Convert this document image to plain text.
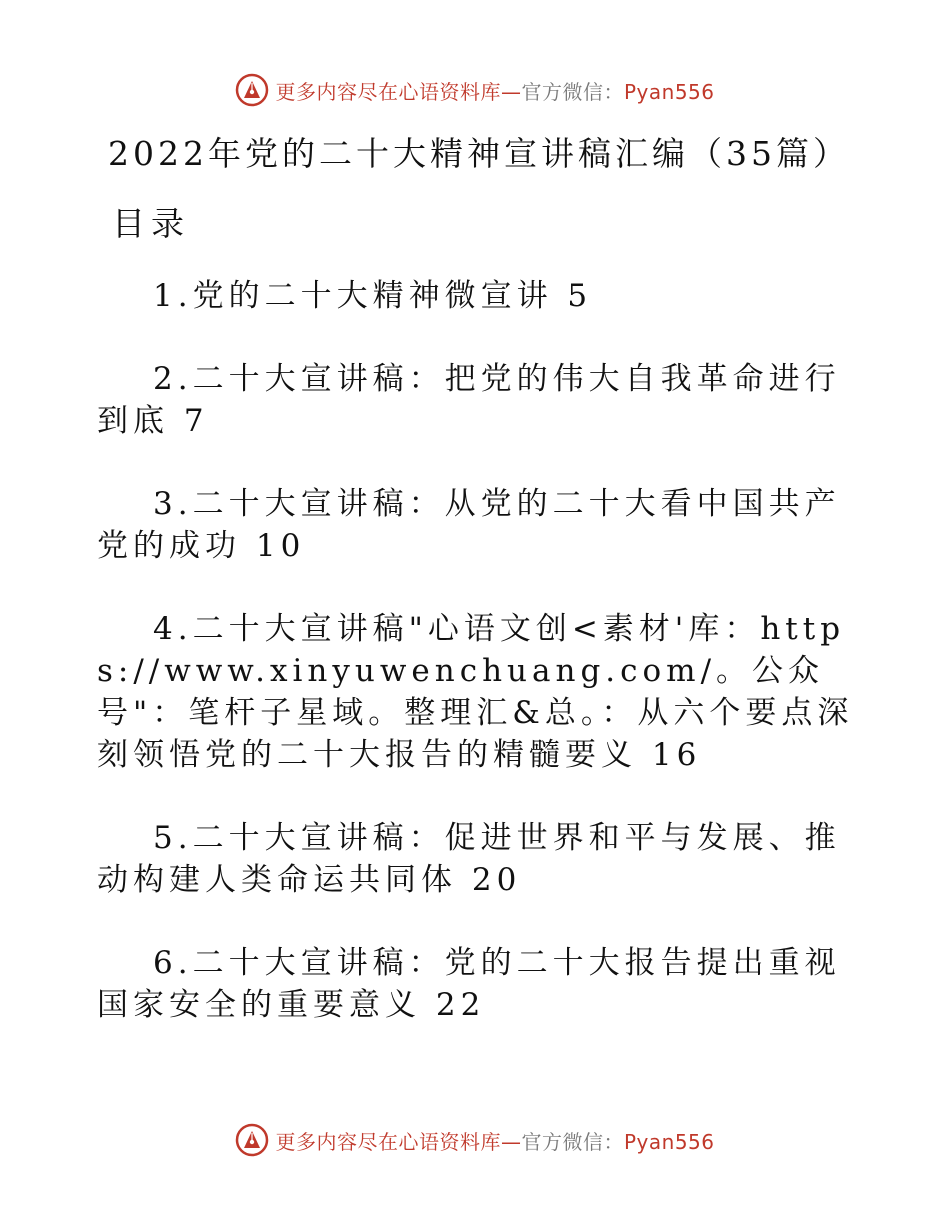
更多内容尽在心语资料库—官方微信：Pyan556
2022年党的二十大精神宣讲稿汇编（35篇）
目录
1.党的二十大精神微宣讲 5
2.二十大宣讲稿：把党的伟大自我革命进行到底 7
3.二十大宣讲稿：从党的二十大看中国共产党的成功 10
4.二十大宣讲稿"心语文创<素材'库：https://www.xinyuwenchuang.com/。公众号"：笔杆子星域。整理汇&总。：从六个要点深刻领悟党的二十大报告的精髓要义 16
5.二十大宣讲稿：促进世界和平与发展、推动构建人类命运共同体 20
6.二十大宣讲稿：党的二十大报告提出重视国家安全的重要意义 22
更多内容尽在心语资料库—官方微信：Pyan556
